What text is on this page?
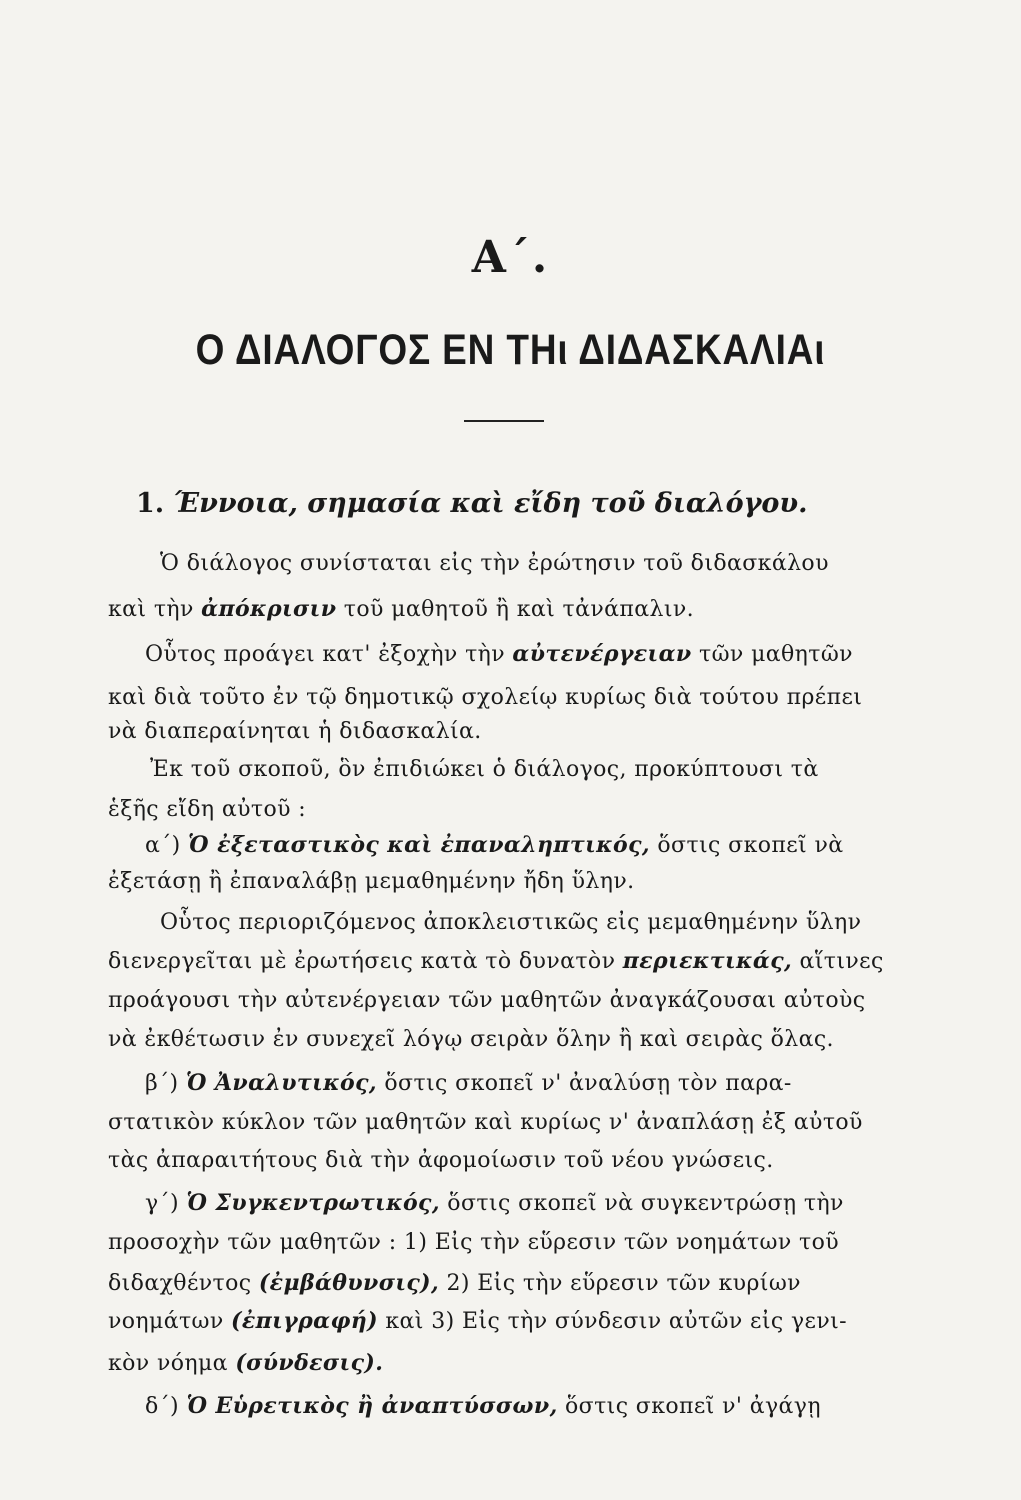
Α΄.
Ο ΔΙΑΛΟΓΟΣ ΕΝ ΤΗι ΔΙΔΑΣΚΑΛΙΑι
1. Έννοια, σημασία καὶ εἴδη τοῦ διαλόγου.
Ὁ διάλογος συνίσταται εἰς τὴν ἐρώτησιν τοῦ διδασκάλου
καὶ τὴν ἀπόκρισιν τοῦ μαθητοῦ ἢ καὶ τἀνάπαλιν.
Οὗτος προάγει κατ' ἐξοχὴν τὴν αὐτενέργειαν τῶν μαθητῶν
καὶ διὰ τοῦτο ἐν τῷ δημοτικῷ σχολείῳ κυρίως διὰ τούτου πρέπει
νὰ διαπεραίνηται ἡ διδασκαλία.
Ἐκ τοῦ σκοποῦ, ὃν ἐπιδιώκει ὁ διάλογος, προκύπτουσι τὰ
ἑξῆς εἴδη αὐτοῦ :
α΄) Ὁ ἐξεταστικὸς καὶ ἐπαναληπτικός, ὅστις σκοπεῖ νὰ
ἐξετάσῃ ἢ ἐπαναλάβῃ μεμαθημένην ἤδη ὕλην.
Οὗτος περιοριζόμενος ἀποκλειστικῶς εἰς μεμαθημένην ὕλην
διενεργεῖται μὲ ἐρωτήσεις κατὰ τὸ δυνατὸν περιεκτικάς, αἵτινες
προάγουσι τὴν αὐτενέργειαν τῶν μαθητῶν ἀναγκάζουσαι αὐτοὺς
νὰ ἐκθέτωσιν ἐν συνεχεῖ λόγῳ σειρὰν ὅλην ἢ καὶ σειρὰς ὅλας.
β΄) Ὁ Ἀναλυτικός, ὅστις σκοπεῖ ν' ἀναλύσῃ τὸν παρα-
στατικὸν κύκλον τῶν μαθητῶν καὶ κυρίως ν' ἀναπλάσῃ ἐξ αὐτοῦ
τὰς ἀπαραιτήτους διὰ τὴν ἀφομοίωσιν τοῦ νέου γνώσεις.
γ΄) Ὁ Συγκεντρωτικός, ὅστις σκοπεῖ νὰ συγκεντρώσῃ τὴν
προσοχὴν τῶν μαθητῶν : 1) Εἰς τὴν εὕρεσιν τῶν νοημάτων τοῦ
διδαχθέντος (ἐμβάθυνσις), 2) Εἰς τὴν εὕρεσιν τῶν κυρίων
νοημάτων (ἐπιγραφή) καὶ 3) Εἰς τὴν σύνδεσιν αὐτῶν εἰς γενι-
κὸν νόημα (σύνδεσις).
δ΄) Ὁ Εὑρετικὸς ἢ ἀναπτύσσων, ὅστις σκοπεῖ ν' ἀγάγῃ
